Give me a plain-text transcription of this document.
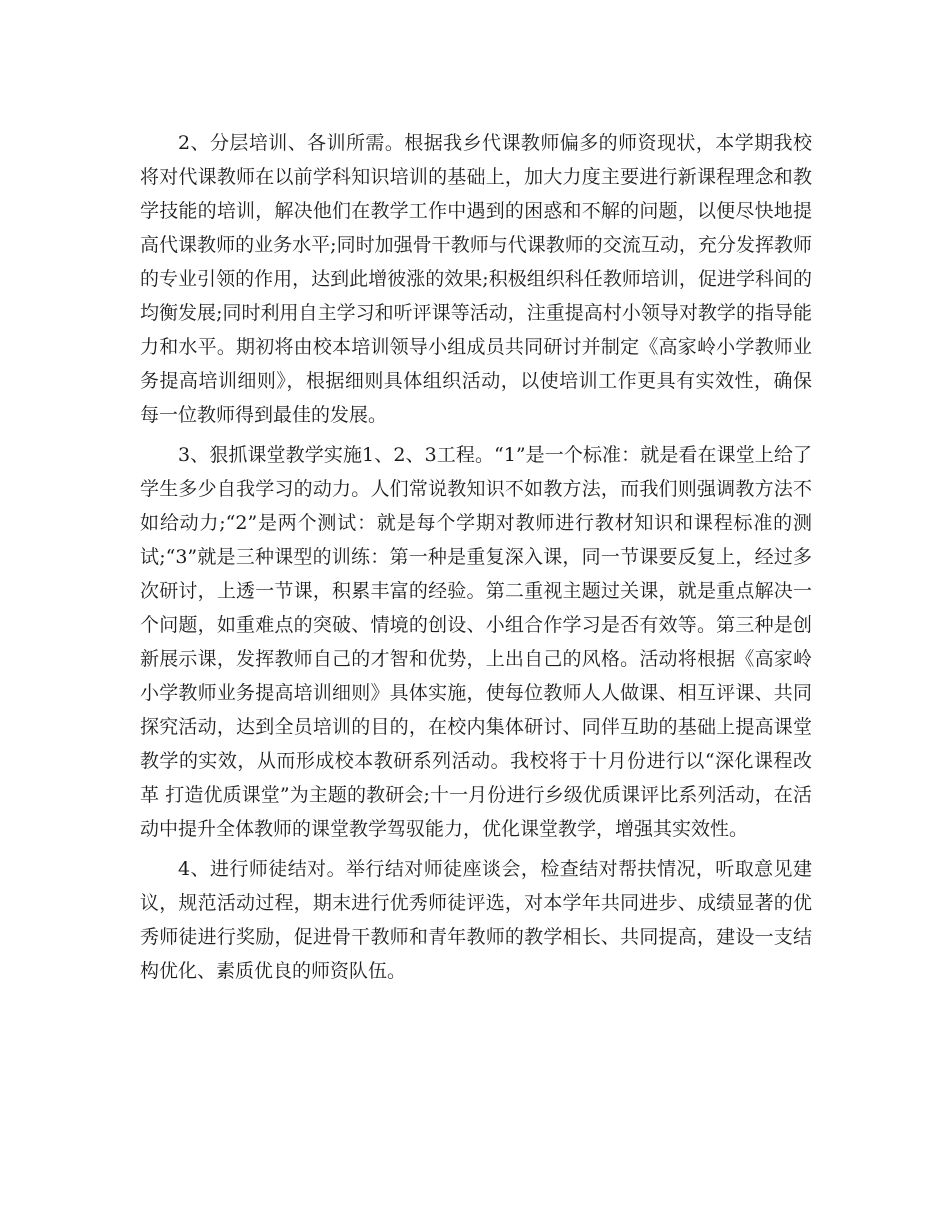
2、分层培训、各训所需。根据我乡代课教师偏多的师资现状，本学期我校将对代课教师在以前学科知识培训的基础上，加大力度主要进行新课程理念和教学技能的培训，解决他们在教学工作中遇到的困惑和不解的问题，以便尽快地提高代课教师的业务水平;同时加强骨干教师与代课教师的交流互动，充分发挥教师的专业引领的作用，达到此增彼涨的效果;积极组织科任教师培训，促进学科间的均衡发展;同时利用自主学习和听评课等活动，注重提高村小领导对教学的指导能力和水平。期初将由校本培训领导小组成员共同研讨并制定《高家岭小学教师业务提高培训细则》，根据细则具体组织活动，以使培训工作更具有实效性，确保每一位教师得到最佳的发展。

3、狠抓课堂教学实施1、2、3工程。“1”是一个标准：就是看在课堂上给了学生多少自我学习的动力。人们常说教知识不如教方法，而我们则强调教方法不如给动力;“2”是两个测试：就是每个学期对教师进行教材知识和课程标准的测试;“3”就是三种课型的训练：第一种是重复深入课，同一节课要反复上，经过多次研讨，上透一节课，积累丰富的经验。第二重视主题过关课，就是重点解决一个问题，如重难点的突破、情境的创设、小组合作学习是否有效等。第三种是创新展示课，发挥教师自己的才智和优势，上出自己的风格。活动将根据《高家岭小学教师业务提高培训细则》具体实施，使每位教师人人做课、相互评课、共同探究活动，达到全员培训的目的，在校内集体研讨、同伴互助的基础上提高课堂教学的实效，从而形成校本教研系列活动。我校将于十月份进行以“深化课程改革 打造优质课堂”为主题的教研会;十一月份进行乡级优质课评比系列活动，在活动中提升全体教师的课堂教学驾驭能力，优化课堂教学，增强其实效性。

4、进行师徒结对。举行结对师徒座谈会，检查结对帮扶情况，听取意见建议，规范活动过程，期末进行优秀师徒评选，对本学年共同进步、成绩显著的优秀师徒进行奖励，促进骨干教师和青年教师的教学相长、共同提高，建设一支结构优化、素质优良的师资队伍。
